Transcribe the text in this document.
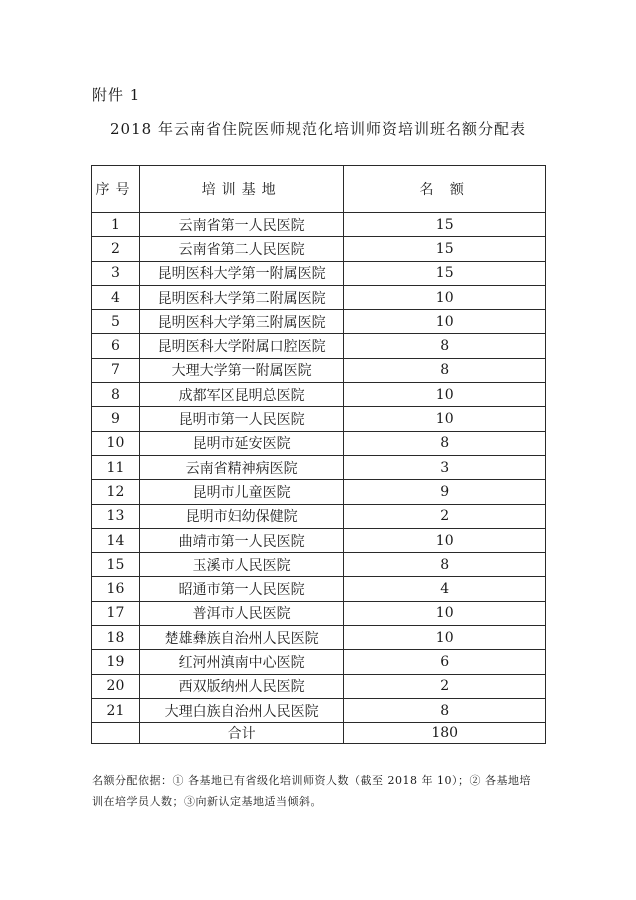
附件 1
2018 年云南省住院医师规范化培训师资培训班名额分配表
序号	培训基地	名 额
1	云南省第一人民医院	15
2	云南省第二人民医院	15
3	昆明医科大学第一附属医院	15
4	昆明医科大学第二附属医院	10
5	昆明医科大学第三附属医院	10
6	昆明医科大学附属口腔医院	8
7	大理大学第一附属医院	8
8	成都军区昆明总医院	10
9	昆明市第一人民医院	10
10	昆明市延安医院	8
11	云南省精神病医院	3
12	昆明市儿童医院	9
13	昆明市妇幼保健院	2
14	曲靖市第一人民医院	10
15	玉溪市人民医院	8
16	昭通市第一人民医院	4
17	普洱市人民医院	10
18	楚雄彝族自治州人民医院	10
19	红河州滇南中心医院	6
20	西双版纳州人民医院	2
21	大理白族自治州人民医院	8
	合计	180
名额分配依据：① 各基地已有省级化培训师资人数（截至 2018 年 10）；② 各基地培
训在培学员人数；③向新认定基地适当倾斜。
